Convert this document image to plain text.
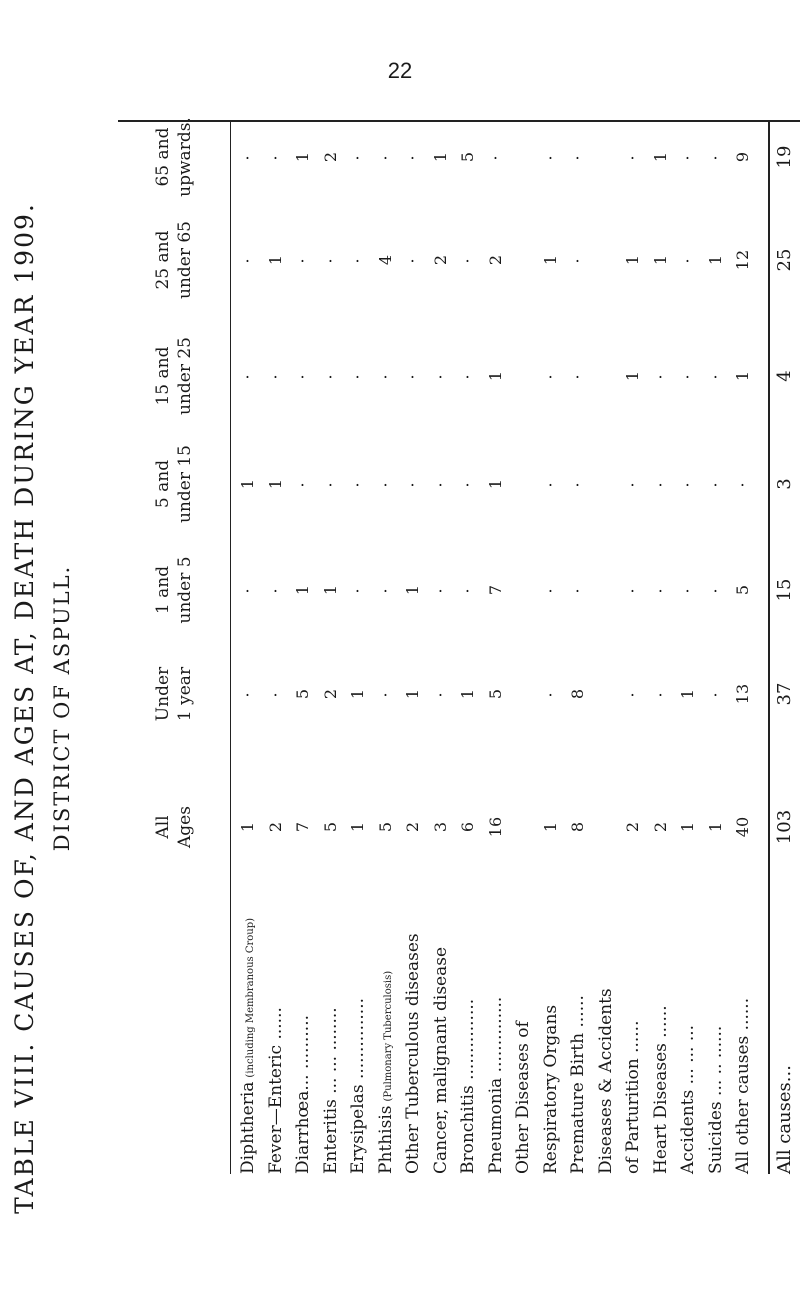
22
TABLE VIII. CAUSES OF, AND AGES AT, DEATH DURING YEAR 1909. DISTRICT OF ASPULL.	All Ages
Under 1 year
1 and under 5
5 and under 15
15 and under 25
25 and under 65
65 and upwards.
Diphtheria(including Membranous Croup)
1
·
·
1
·
·
·
Fever—Enteric ......
2
·
·
1
·
1
·
Diarrhœa... ..........
7
5
1
·
·
·
1
Enteritis ... ... ........
5
2
1
·
·
·
2
Erysipelas ...............
1
1
·
·
·
·
·
Phthisis(Pulmonary Tuberculosis)
5
·
·
·
·
4
·
Other Tuberculous diseases
2
1
1
·
·
·
·
Cancer, malignant disease
3
·
·
·
·
2
1
Bronchitis ...............
6
1
·
·
·
·
5
Pneumonia ..............
16
5
7
1
1
2
·
Other Diseases of Respiratory Organs
1
·
·
·
·
1
·
Premature Birth ......
8
8
·
·
·
·
·
Diseases & Accidents of Parturition ......
2
·
·
·
1
1
·
Heart Diseases ......
2
·
·
·
·
1
1
Accidents ... ... ...
1
1
·
·
·
·
·
Suicides ... .. ......
1
·
·
·
·
1
·
All other causes ......
40
13
5
·
1
12
9
All causes...
103
37
15
3
4
25
19
